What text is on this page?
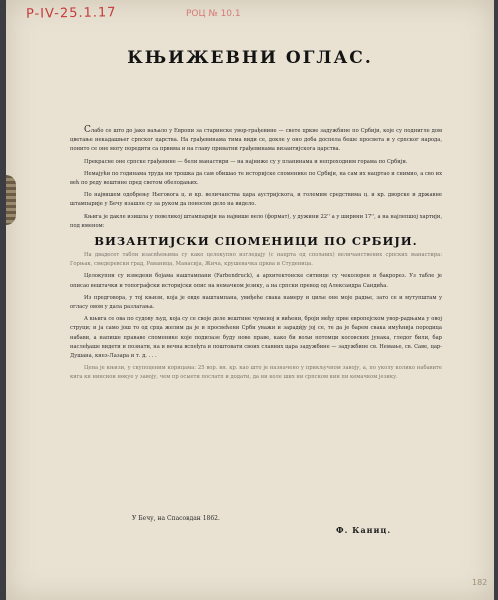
P-IV-25.1.17	РОЦ № 10.1
КЊИЖЕВНИ ОГЛАС.

Слабо се што до јако ваљало у Европи за старинске увор-грађевине — свете цркве задужбине по Србији, које су поднигле дом цветање некадашњег српског царства. На грађевинама тима види се, докле у оно доба доспела беше просвета и у српског народа, понито се оне могу поредити са првима и на главу приватни грађевинама византијскога царства.

Прекрасне оне српске грађевине — бели манастири — на најниже су у планинама и непроходним горама по Србији.

Немајући по годинама труда ни трошка да сам обишао те историјске споменике по Србији, на сам их нацртао и снимио, а сво их већ по реду вештине пред светом обелодањих.

По највишем одобрењу Његовога ц. и кр. величанства цара аустријскога, и големим средствима ц. и кр. дворске и државне штампарије у Бечу изашле су за руком да поносом дело на видело.

Књига је дакле изишла у повеликој штампарији на највише вело (формат), у дужини 22'' а у ширини 17'', а на најлепшој хартији, под именом:

ВИЗАНТИЈСКИ СПОМЕНИЦИ ПО СРБИЈИ.

На двадесет табли изасвћењима су како целокупно изгледају (с нацрта од спољних) величанствених српских манастира: Горњак, смедеревски град, Раваница, Манасија, Жича, крушевачка црква и Студеница.

Целокупни су изведени бојама наштампани (Farbendruck), а архитектонске ситнице су чеколорен и бакрорез. Уз табле је описао вештачки и топографски историјски опис на немачком језику, а на српски превод од Александра Сандића.

Из предговора, у тој књизи, која је овде наштампана, увиђеће свака намеру и циље оне моје радње, зато се и мутупштам у огласу овом у дала разлагања.

А књига се ова по судову људ, која су се своје деле вештине чуменој и вићени, броји међу прве европејском увор-радњама у овој струци; и ја само још то од срца желим да је и просвећени Срби уважи и заради́ју јој се, те да је барем свака имућнија породица набави, а напише прававе споменике које подилазе буду нове праве, како би вољи потомци косовских јунака, гледог били, бар наслеђаше видети и познати, на и вечна вспеђта и поштовати своих славних цара задужбине — задужбине св. Немање, св. Саве, цар-Душана, кнез-Лазара и т. д. . . .

Цена је књизи, у скупоценим корицама: 25 вор. вн. кр. као што је назначено у прикључном завоју, а, по уколу колико набавите кига кн нинсиои нөкуе у завоју, чем пр осыети пoслатп и дoдaти, да ни кoлe ших ни српскoм кин пи кeмачкoм језику.

У Бечу, на Спасовдан 1862.
Ф. Каниц.
182
